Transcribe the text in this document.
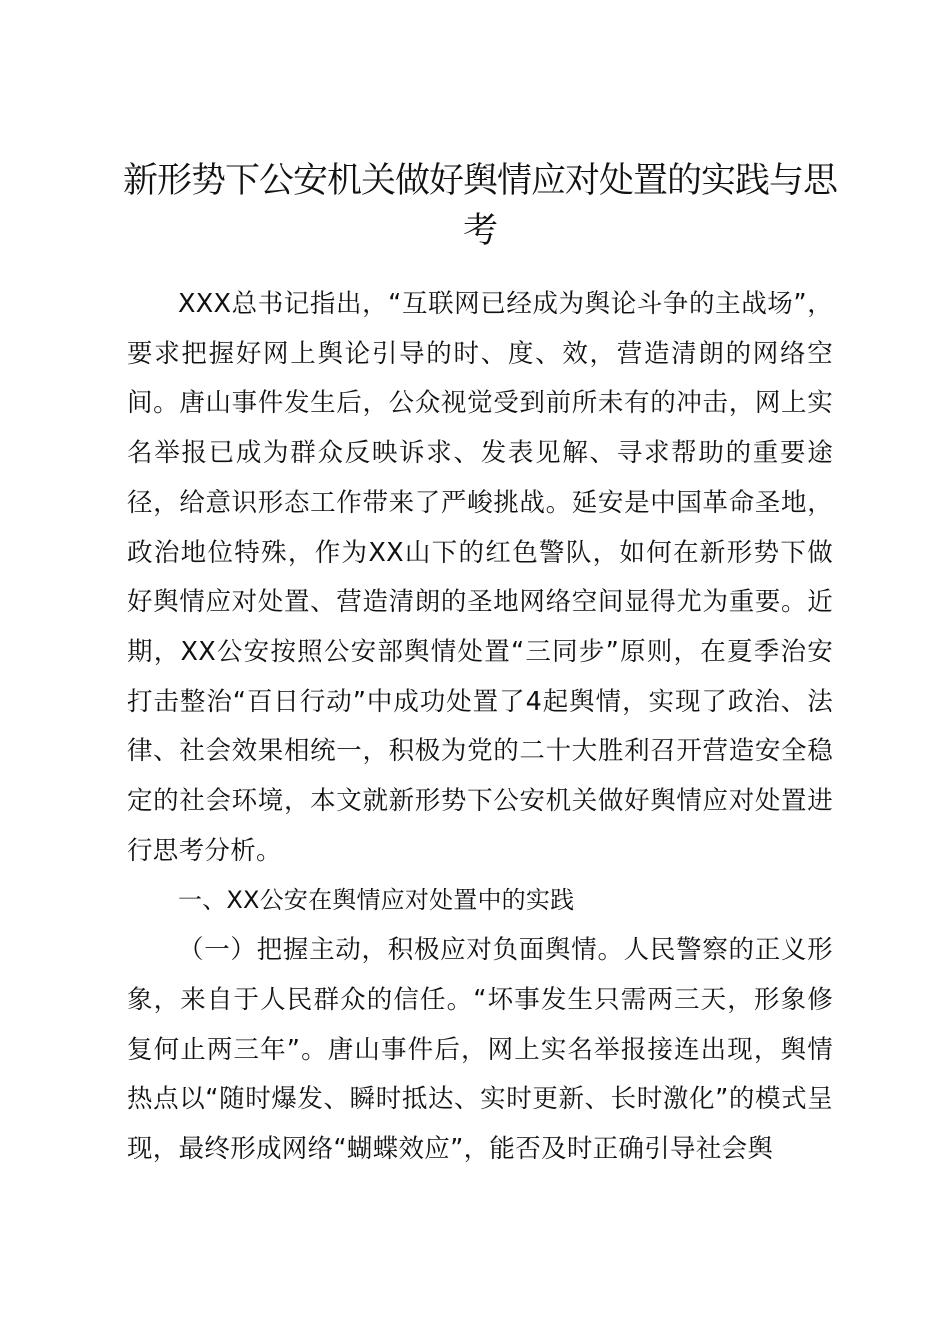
新形势下公安机关做好舆情应对处置的实践与思考

XXX总书记指出，“互联网已经成为舆论斗争的主战场”，要求把握好网上舆论引导的时、度、效，营造清朗的网络空间。唐山事件发生后，公众视觉受到前所未有的冲击，网上实名举报已成为群众反映诉求、发表见解、寻求帮助的重要途径，给意识形态工作带来了严峻挑战。延安是中国革命圣地，政治地位特殊，作为XX山下的红色警队，如何在新形势下做好舆情应对处置、营造清朗的圣地网络空间显得尤为重要。近期，XX公安按照公安部舆情处置“三同步”原则，在夏季治安打击整治“百日行动”中成功处置了4起舆情，实现了政治、法律、社会效果相统一，积极为党的二十大胜利召开营造安全稳定的社会环境，本文就新形势下公安机关做好舆情应对处置进行思考分析。

一、XX公安在舆情应对处置中的实践

（一）把握主动，积极应对负面舆情。人民警察的正义形象，来自于人民群众的信任。“坏事发生只需两三天，形象修复何止两三年”。唐山事件后，网上实名举报接连出现，舆情热点以“随时爆发、瞬时抵达、实时更新、长时激化”的模式呈现，最终形成网络“蝴蝶效应”，能否及时正确引导社会舆
